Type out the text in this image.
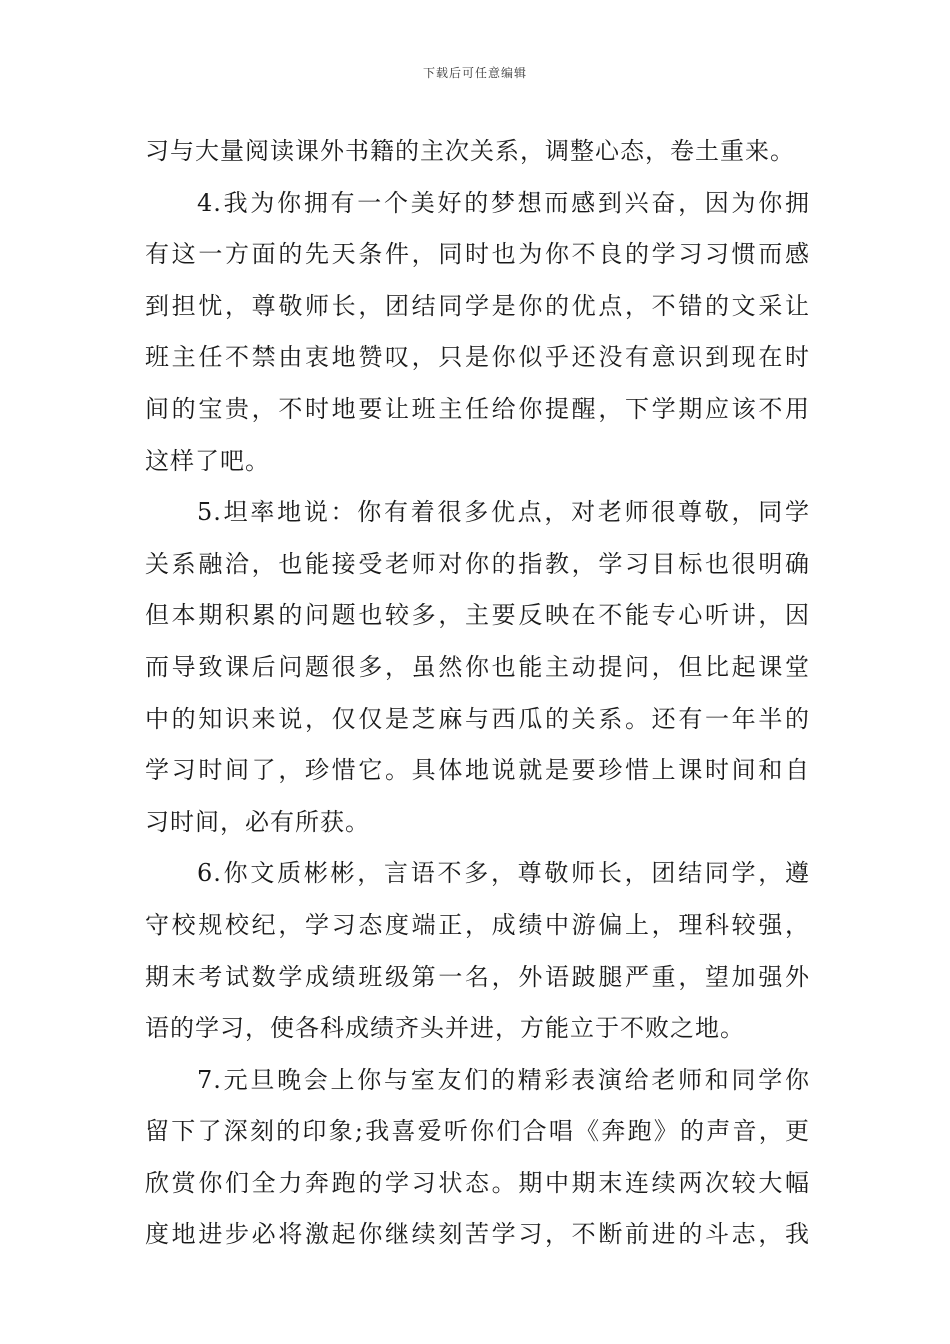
下载后可任意编辑
习与大量阅读课外书籍的主次关系，调整心态，卷土重来。
4.我为你拥有一个美好的梦想而感到兴奋，因为你拥
有这一方面的先天条件，同时也为你不良的学习习惯而感
到担忧，尊敬师长，团结同学是你的优点，不错的文采让
班主任不禁由衷地赞叹，只是你似乎还没有意识到现在时
间的宝贵，不时地要让班主任给你提醒，下学期应该不用
这样了吧。
5.坦率地说：你有着很多优点，对老师很尊敬，同学
关系融洽，也能接受老师对你的指教，学习目标也很明确
但本期积累的问题也较多，主要反映在不能专心听讲，因
而导致课后问题很多，虽然你也能主动提问，但比起课堂
中的知识来说，仅仅是芝麻与西瓜的关系。还有一年半的
学习时间了，珍惜它。具体地说就是要珍惜上课时间和自
习时间，必有所获。
6.你文质彬彬，言语不多，尊敬师长，团结同学，遵
守校规校纪，学习态度端正，成绩中游偏上，理科较强，
期末考试数学成绩班级第一名，外语跛腿严重，望加强外
语的学习，使各科成绩齐头并进，方能立于不败之地。
7.元旦晚会上你与室友们的精彩表演给老师和同学你
留下了深刻的印象;我喜爱听你们合唱《奔跑》的声音，更
欣赏你们全力奔跑的学习状态。期中期末连续两次较大幅
度地进步必将激起你继续刻苦学习，不断前进的斗志，我
